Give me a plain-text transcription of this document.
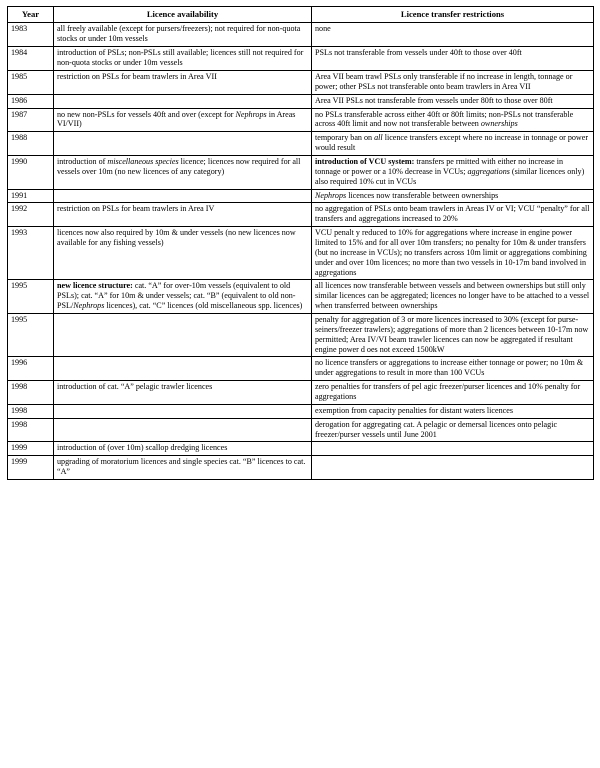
Year	Licence availability	Licence transfer restrictions
1983	all freely available (except for pursers/freezers); not required for non-quota stocks or under 10m vessels	none
1984	introduction of PSLs; non-PSLs still available; licences still not required for non-quota stocks or under 10m vessels	PSLs not transferable from vessels under 40ft to those over 40ft
1985	restriction on PSLs for beam trawlers in Area VII	Area VII beam trawl PSLs only transferable if no increase in length, tonnage or power; other PSLs not transferable onto beam trawlers in Area VII
1986		Area VII PSLs not transferable from vessels under 80ft to those over 80ft
1987	no new non-PSLs for vessels 40ft and over (except for Nephrops in Areas VI/VII)	no PSLs transferable across either 40ft or 80ft limits; non-PSLs not transferable across 40ft limit and now not transferable between ownerships
1988		temporary ban on all licence transfers except where no increase in tonnage or power would result
1990	introduction of miscellaneous species licence; licences now required for all vessels over 10m (no new licences of any category)	introduction of VCU system: transfers pe rmitted with either no increase in tonnage or power or a 10% decrease in VCUs; aggregations (similar licences only) also required 10% cut in VCUs
1991		Nephrops licences now transferable between ownerships
1992	restriction on PSLs for beam trawlers in Area IV	no aggregation of PSLs onto beam trawlers in Areas IV or VI; VCU “penalty” for all transfers and aggregations increased to 20%
1993	licences now also required by 10m & under vessels (no new licences now available for any fishing vessels)	VCU penalt y reduced to 10% for aggregations where increase in engine power limited to 15% and for all over 10m transfers; no penalty for 10m & under transfers (but no increase in VCUs); no transfers across 10m limit or aggregations combining under and over 10m licences; no more than two vessels in 10-17m band involved in aggregations
1995	new licence structure: cat. “A” for over-10m vessels (equivalent to old PSLs); cat. “A” for 10m & under vessels; cat. “B” (equivalent to old non-PSL/Nephrops licences), cat. “C” licences (old miscellaneous spp. licences)	all licences now transferable between vessels and between ownerships but still only similar licences can be aggregated; licences no longer have to be attached to a vessel when transferred between ownerships
1995		penalty for aggregation of 3 or more licences increased to 30% (except for purse-seiners/freezer trawlers); aggregations of more than 2 licences between 10-17m now permitted; Area IV/VI beam trawler licences can now be aggregated if resultant engine power d oes not exceed 1500kW
1996		no licence transfers or aggregations to increase either tonnage or power; no 10m & under aggregations to result in more than 100 VCUs
1998	introduction of cat. “A” pelagic trawler licences	zero penalties for transfers of pel agic freezer/purser licences and 10% penalty for aggregations
1998		exemption from capacity penalties for distant waters licences
1998		derogation for aggregating cat. A pelagic or demersal licences onto pelagic freezer/purser vessels until June 2001
1999	introduction of (over 10m) scallop dredging licences	
1999	upgrading of moratorium licences and single species cat. “B” licences to cat. “A”	
